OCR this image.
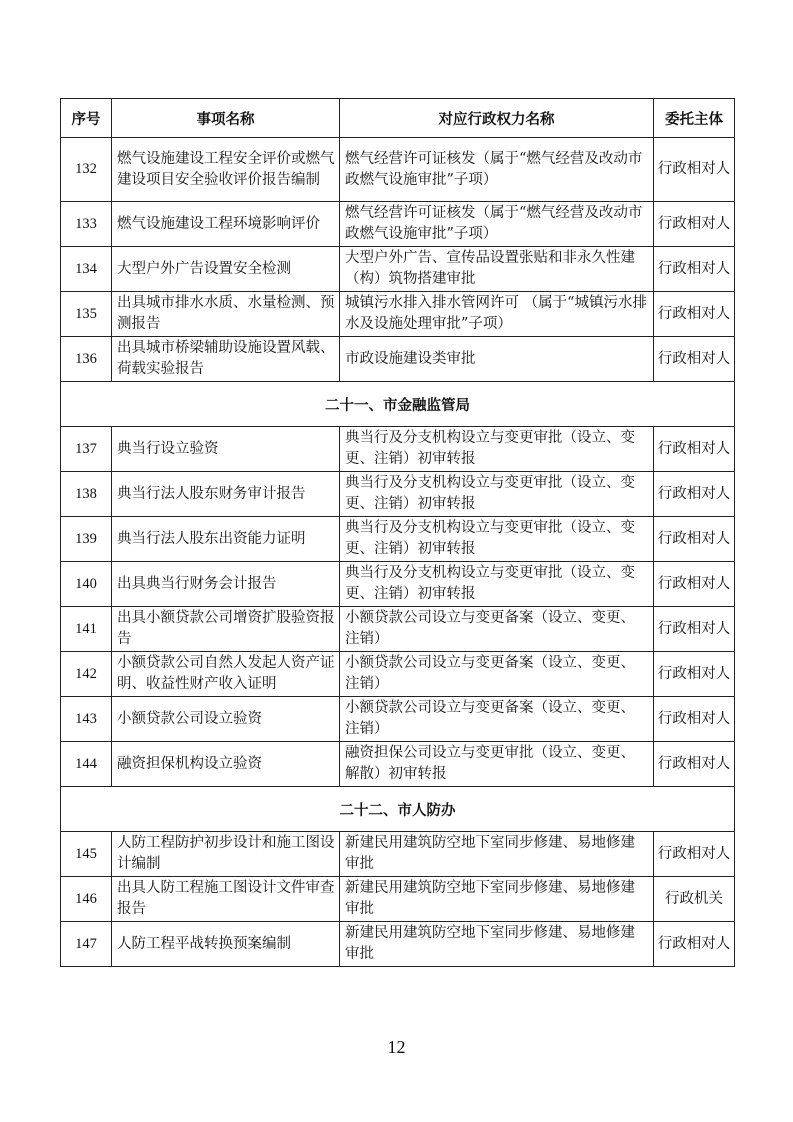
序号	事项名称	对应行政权力名称	委托主体
132	燃气设施建设工程安全评价或燃气建设项目安全验收评价报告编制	燃气经营许可证核发（属于“燃气经营及改动市政燃气设施审批”子项）	行政相对人
133	燃气设施建设工程环境影响评价	燃气经营许可证核发（属于“燃气经营及改动市政燃气设施审批”子项）	行政相对人
134	大型户外广告设置安全检测	大型户外广告、宣传品设置张贴和非永久性建（构）筑物搭建审批	行政相对人
135	出具城市排水水质、水量检测、预测报告	城镇污水排入排水管网许可 （属于“城镇污水排水及设施处理审批”子项）	行政相对人
136	出具城市桥梁辅助设施设置风载、荷载实验报告	市政设施建设类审批	行政相对人
二十一、市金融监管局			
137	典当行设立验资	典当行及分支机构设立与变更审批（设立、变更、注销）初审转报	行政相对人
138	典当行法人股东财务审计报告	典当行及分支机构设立与变更审批（设立、变更、注销）初审转报	行政相对人
139	典当行法人股东出资能力证明	典当行及分支机构设立与变更审批（设立、变更、注销）初审转报	行政相对人
140	出具典当行财务会计报告	典当行及分支机构设立与变更审批（设立、变更、注销）初审转报	行政相对人
141	出具小额贷款公司增资扩股验资报告	小额贷款公司设立与变更备案（设立、变更、注销）	行政相对人
142	小额贷款公司自然人发起人资产证明、收益性财产收入证明	小额贷款公司设立与变更备案（设立、变更、注销）	行政相对人
143	小额贷款公司设立验资	小额贷款公司设立与变更备案（设立、变更、注销）	行政相对人
144	融资担保机构设立验资	融资担保公司设立与变更审批（设立、变更、解散）初审转报	行政相对人
二十二、市人防办			
145	人防工程防护初步设计和施工图设计编制	新建民用建筑防空地下室同步修建、易地修建审批	行政相对人
146	出具人防工程施工图设计文件审查报告	新建民用建筑防空地下室同步修建、易地修建审批	行政机关
147	人防工程平战转换预案编制	新建民用建筑防空地下室同步修建、易地修建审批	行政相对人
12
